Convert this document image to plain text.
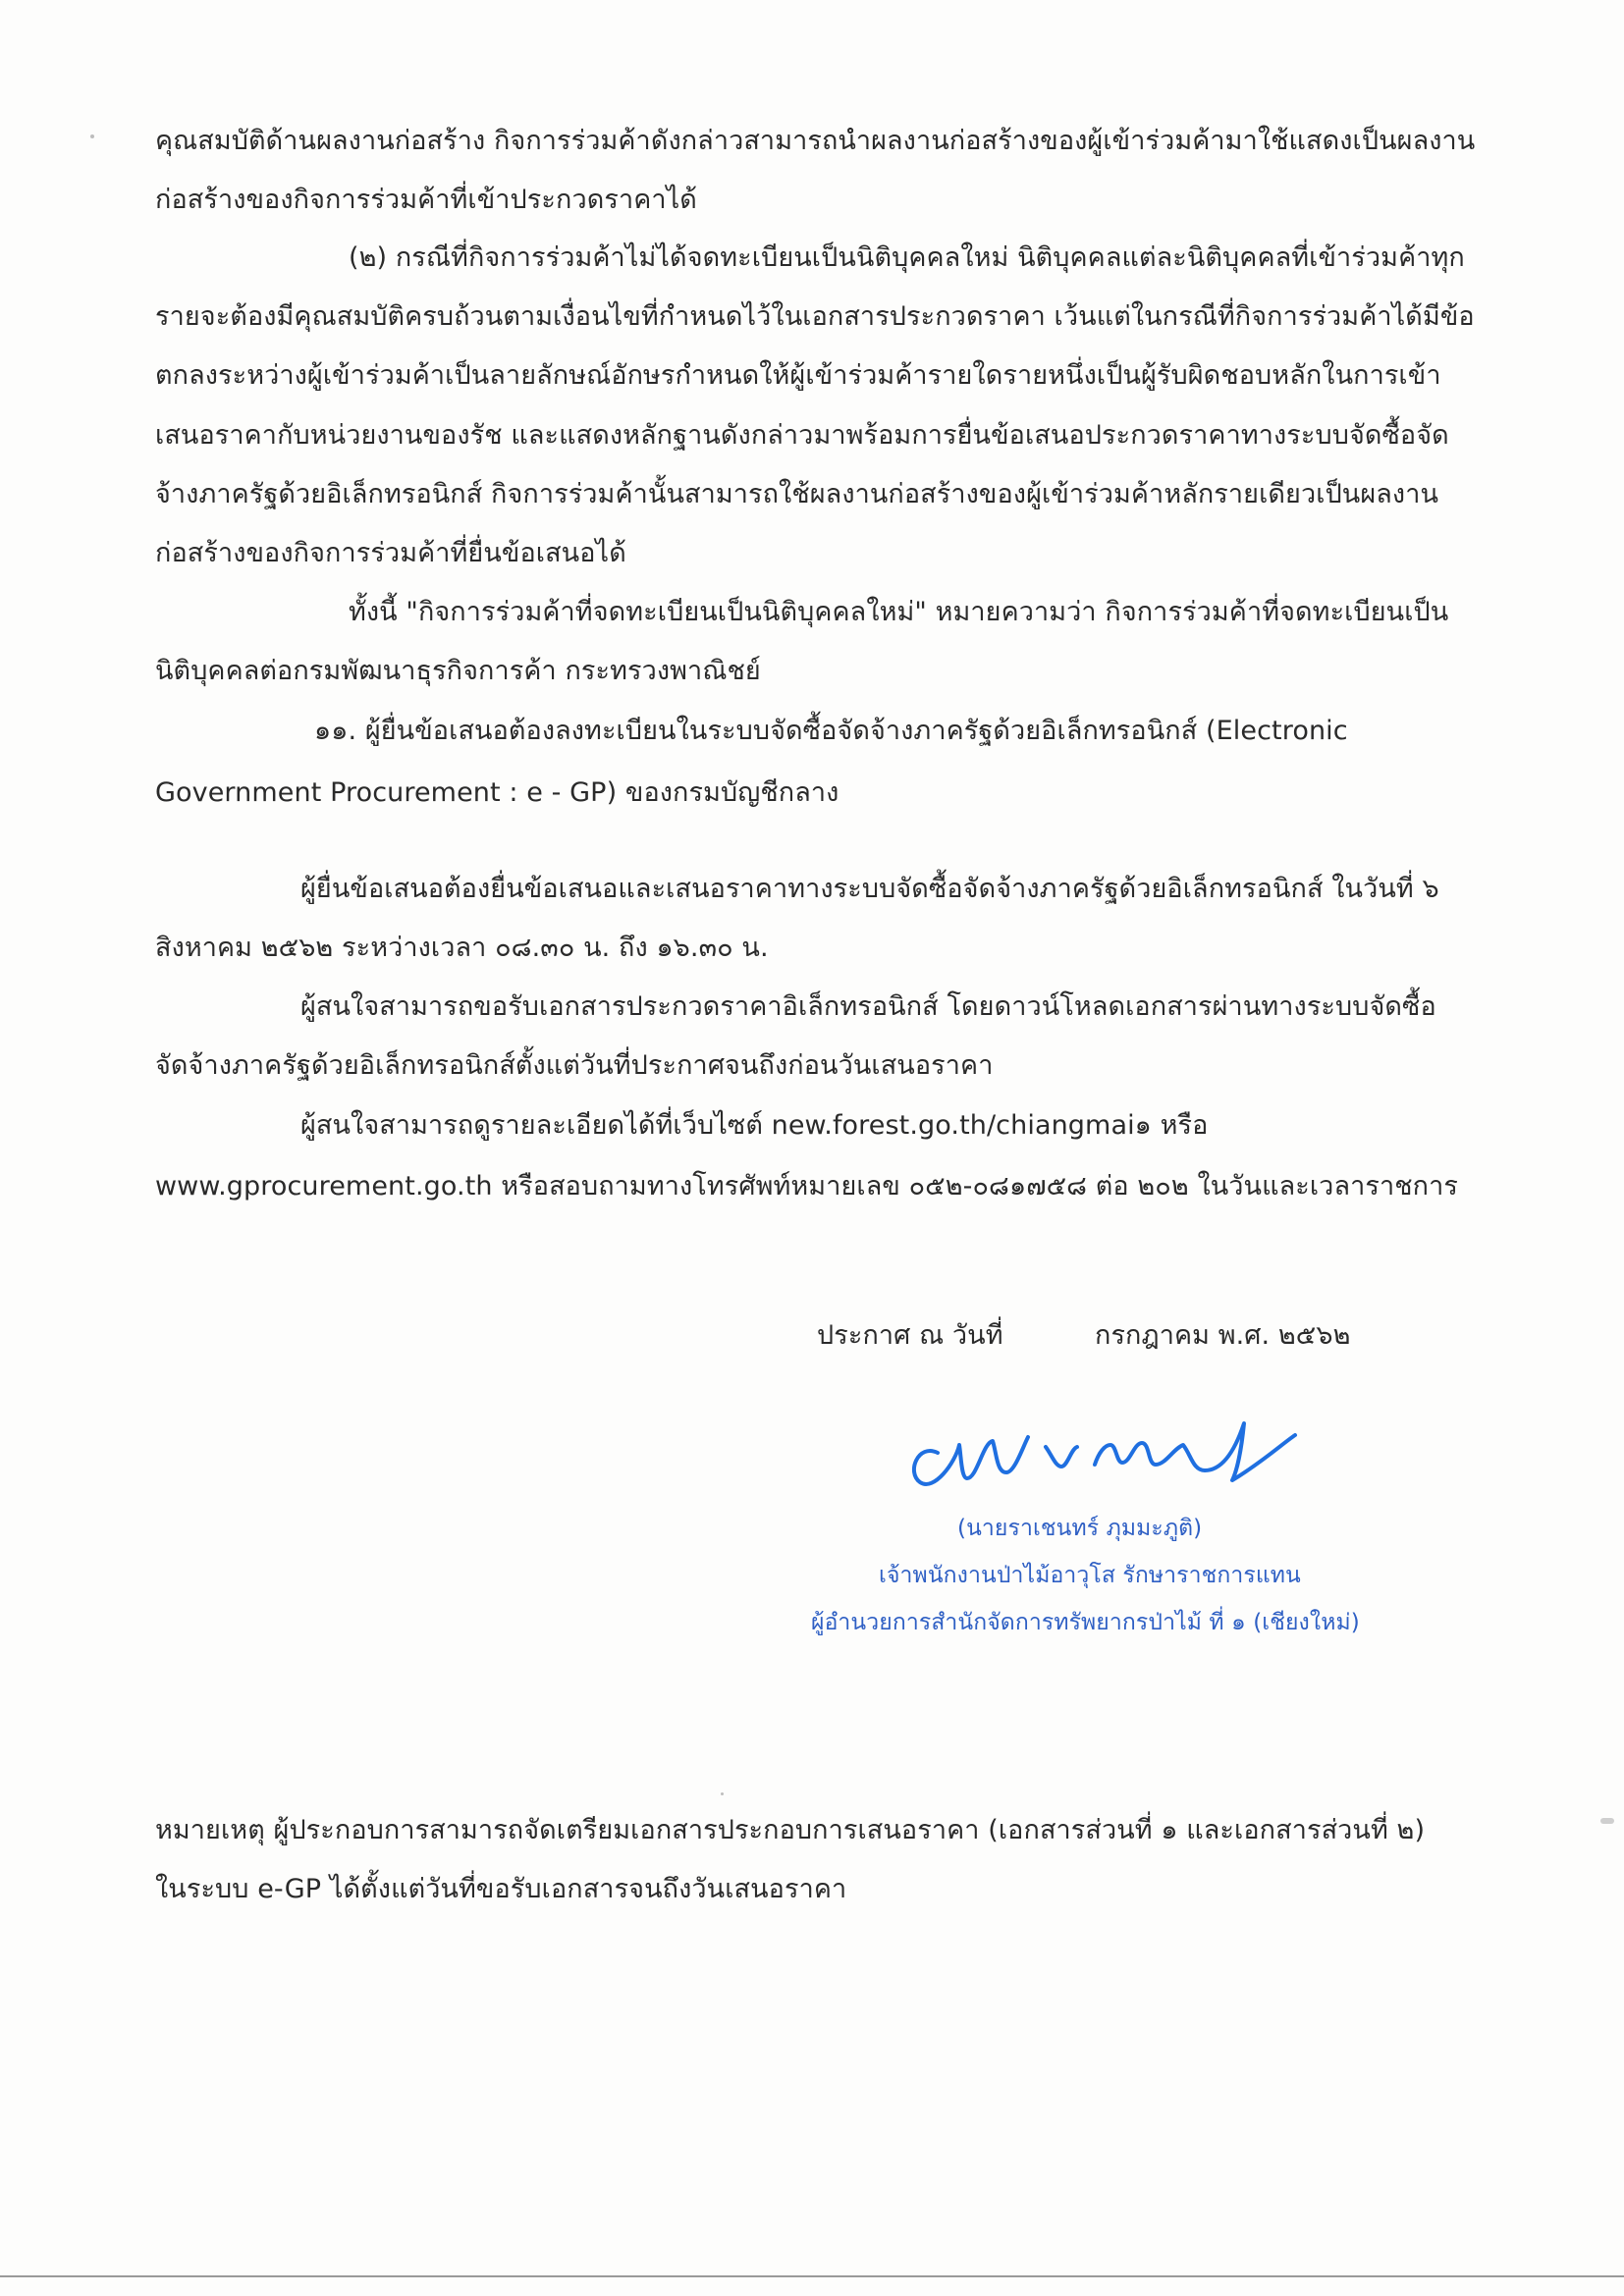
คุณสมบัติด้านผลงานก่อสร้าง กิจการร่วมค้าดังกล่าวสามารถนำผลงานก่อสร้างของผู้เข้าร่วมค้ามาใช้แสดงเป็นผลงาน
ก่อสร้างของกิจการร่วมค้าที่เข้าประกวดราคาได้
(๒) กรณีที่กิจการร่วมค้าไม่ได้จดทะเบียนเป็นนิติบุคคลใหม่ นิติบุคคลแต่ละนิติบุคคลที่เข้าร่วมค้าทุก
รายจะต้องมีคุณสมบัติครบถ้วนตามเงื่อนไขที่กำหนดไว้ในเอกสารประกวดราคา เว้นแต่ในกรณีที่กิจการร่วมค้าได้มีข้อ
ตกลงระหว่างผู้เข้าร่วมค้าเป็นลายลักษณ์อักษรกำหนดให้ผู้เข้าร่วมค้ารายใดรายหนึ่งเป็นผู้รับผิดชอบหลักในการเข้า
เสนอราคากับหน่วยงานของรัช และแสดงหลักฐานดังกล่าวมาพร้อมการยื่นข้อเสนอประกวดราคาทางระบบจัดซื้อจัด
จ้างภาครัฐด้วยอิเล็กทรอนิกส์ กิจการร่วมค้านั้นสามารถใช้ผลงานก่อสร้างของผู้เข้าร่วมค้าหลักรายเดียวเป็นผลงาน
ก่อสร้างของกิจการร่วมค้าที่ยื่นข้อเสนอได้
ทั้งนี้ "กิจการร่วมค้าที่จดทะเบียนเป็นนิติบุคคลใหม่" หมายความว่า กิจการร่วมค้าที่จดทะเบียนเป็น
นิติบุคคลต่อกรมพัฒนาธุรกิจการค้า กระทรวงพาณิชย์
๑๑. ผู้ยื่นข้อเสนอต้องลงทะเบียนในระบบจัดซื้อจัดจ้างภาครัฐด้วยอิเล็กทรอนิกส์ (Electronic
Government Procurement : e - GP) ของกรมบัญชีกลาง
ผู้ยื่นข้อเสนอต้องยื่นข้อเสนอและเสนอราคาทางระบบจัดซื้อจัดจ้างภาครัฐด้วยอิเล็กทรอนิกส์ ในวันที่ ๖
สิงหาคม ๒๕๖๒ ระหว่างเวลา ๐๘.๓๐ น. ถึง ๑๖.๓๐ น.
ผู้สนใจสามารถขอรับเอกสารประกวดราคาอิเล็กทรอนิกส์ โดยดาวน์โหลดเอกสารผ่านทางระบบจัดซื้อ
จัดจ้างภาครัฐด้วยอิเล็กทรอนิกส์ตั้งแต่วันที่ประกาศจนถึงก่อนวันเสนอราคา
ผู้สนใจสามารถดูรายละเอียดได้ที่เว็บไซต์ new.forest.go.th/chiangmai๑ หรือ
www.gprocurement.go.th หรือสอบถามทางโทรศัพท์หมายเลข ๐๕๒-๐๘๑๗๕๘ ต่อ ๒๐๒ ในวันและเวลาราชการ
ประกาศ ณ วันที่	กรกฎาคม พ.ศ. ๒๕๖๒
(นายราเชนทร์ ภุมมะภูติ)
เจ้าพนักงานป่าไม้อาวุโส รักษาราชการแทน
ผู้อำนวยการสำนักจัดการทรัพยากรป่าไม้ ที่ ๑ (เชียงใหม่)
หมายเหตุ ผู้ประกอบการสามารถจัดเตรียมเอกสารประกอบการเสนอราคา (เอกสารส่วนที่ ๑ และเอกสารส่วนที่ ๒)
ในระบบ e-GP ได้ตั้งแต่วันที่ขอรับเอกสารจนถึงวันเสนอราคา
